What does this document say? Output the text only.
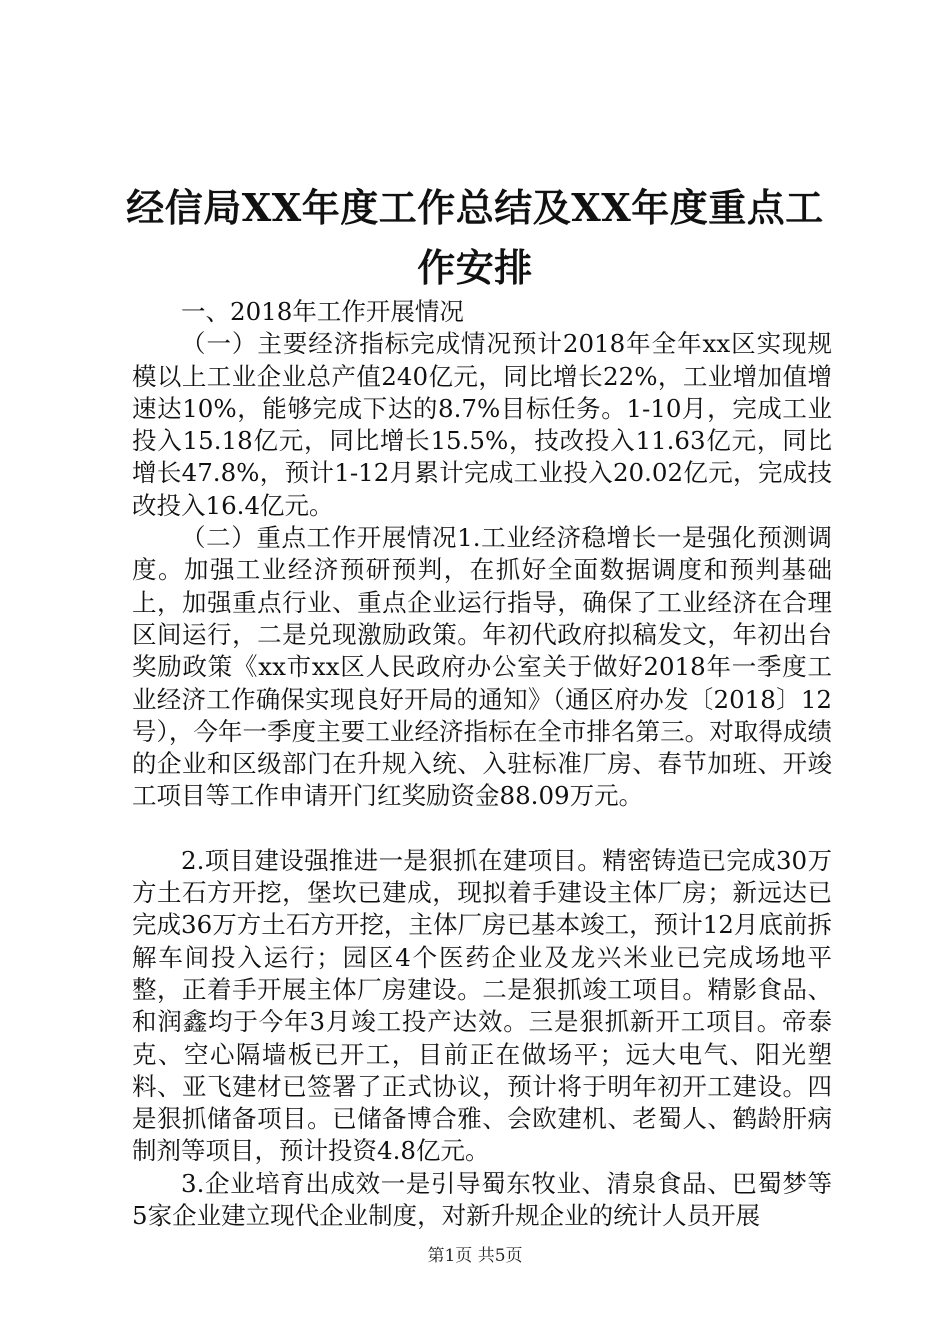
经信局XX年度工作总结及XX年度重点工作安排

一、2018年工作开展情况

（一）主要经济指标完成情况预计2018年全年xx区实现规模以上工业企业总产值240亿元，同比增长22%，工业增加值增速达10%，能够完成下达的8.7%目标任务。1-10月，完成工业投入15.18亿元，同比增长15.5%，技改投入11.63亿元，同比增长47.8%，预计1-12月累计完成工业投入20.02亿元，完成技改投入16.4亿元。

（二）重点工作开展情况1.工业经济稳增长一是强化预测调度。加强工业经济预研预判，在抓好全面数据调度和预判基础上，加强重点行业、重点企业运行指导，确保了工业经济在合理区间运行，二是兑现激励政策。年初代政府拟稿发文，年初出台奖励政策《xx市xx区人民政府办公室关于做好2018年一季度工业经济工作确保实现良好开局的通知》（通区府办发〔2018〕12号），今年一季度主要工业经济指标在全市排名第三。对取得成绩的企业和区级部门在升规入统、入驻标准厂房、春节加班、开竣工项目等工作申请开门红奖励资金88.09万元。

2.项目建设强推进一是狠抓在建项目。精密铸造已完成30万方土石方开挖，堡坎已建成，现拟着手建设主体厂房；新远达已完成36万方土石方开挖，主体厂房已基本竣工，预计12月底前拆解车间投入运行；园区4个医药企业及龙兴米业已完成场地平整，正着手开展主体厂房建设。二是狠抓竣工项目。精影食品、和润鑫均于今年3月竣工投产达效。三是狠抓新开工项目。帝泰克、空心隔墙板已开工，目前正在做场平；远大电气、阳光塑料、亚飞建材已签署了正式协议，预计将于明年初开工建设。四是狠抓储备项目。已储备博合雅、会欧建机、老蜀人、鹤龄肝病制剂等项目，预计投资4.8亿元。

3.企业培育出成效一是引导蜀东牧业、清泉食品、巴蜀梦等5家企业建立现代企业制度，对新升规企业的统计人员开展

第1页 共5页
